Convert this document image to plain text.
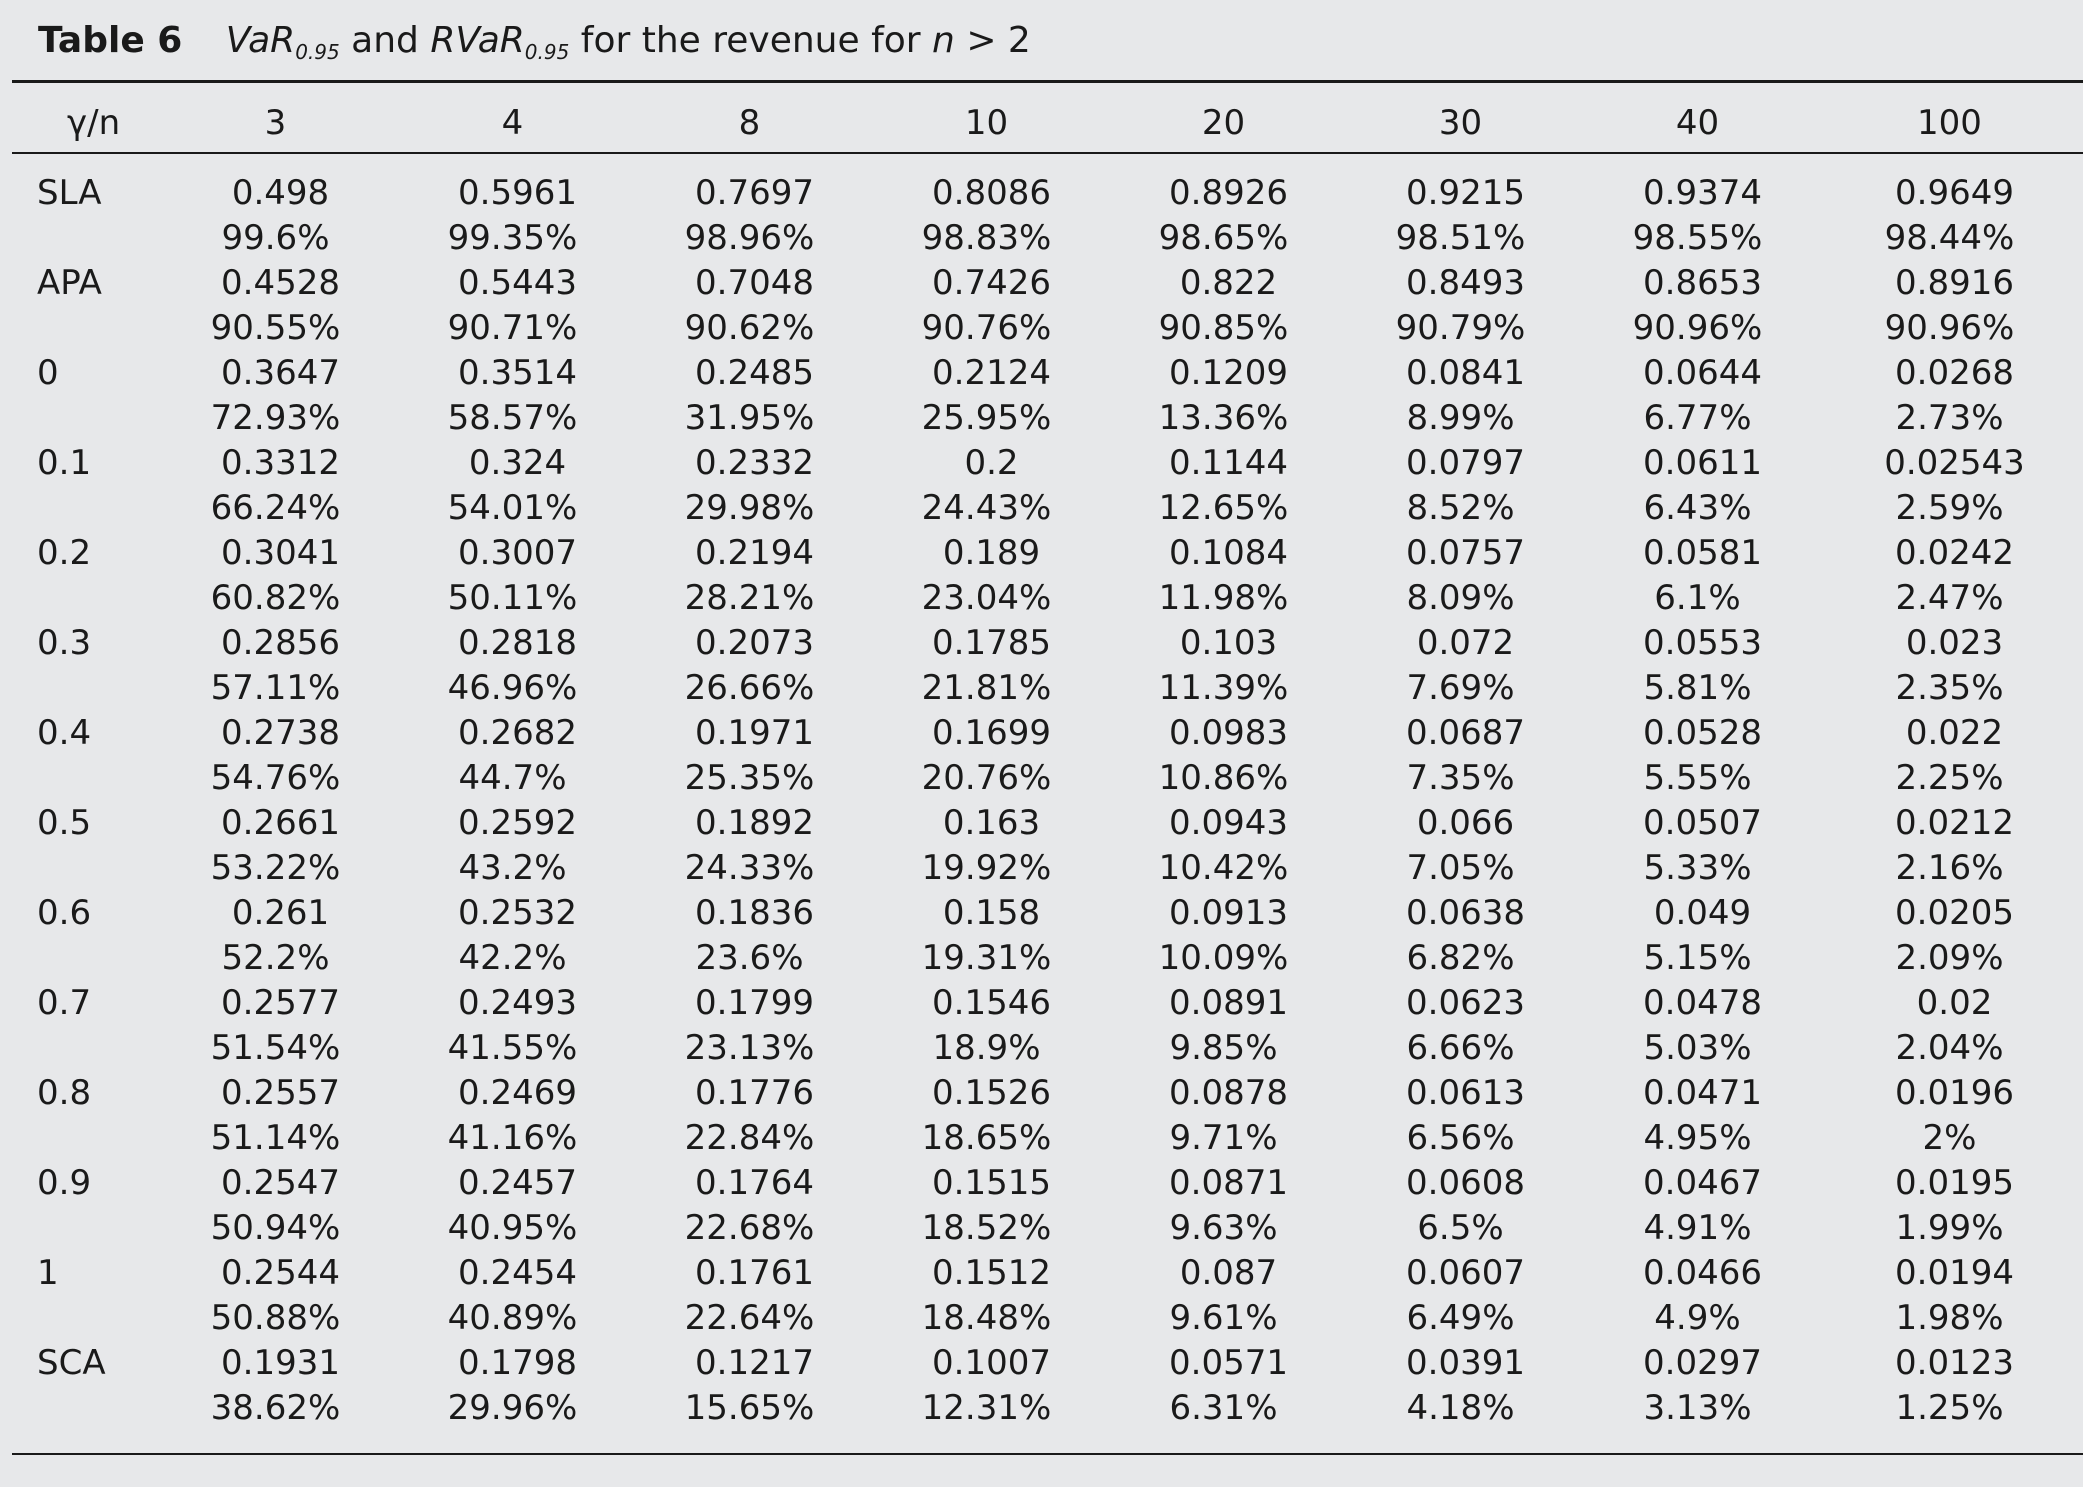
Table 6 VaR$_{0.95}$ and RVaR$_{0.95}$ for the revenue for n > 2
γ/n	3	4	8	10	20	30	40	100
SLA	0.498	0.5961	0.7697	0.8086	0.8926	0.9215	0.9374	0.9649
	99.6%	99.35%	98.96%	98.83%	98.65%	98.51%	98.55%	98.44%
APA	0.4528	0.5443	0.7048	0.7426	0.822	0.8493	0.8653	0.8916
	90.55%	90.71%	90.62%	90.76%	90.85%	90.79%	90.96%	90.96%
0	0.3647	0.3514	0.2485	0.2124	0.1209	0.0841	0.0644	0.0268
	72.93%	58.57%	31.95%	25.95%	13.36%	8.99%	6.77%	2.73%
0.1	0.3312	0.324	0.2332	0.2	0.1144	0.0797	0.0611	0.02543
	66.24%	54.01%	29.98%	24.43%	12.65%	8.52%	6.43%	2.59%
0.2	0.3041	0.3007	0.2194	0.189	0.1084	0.0757	0.0581	0.0242
	60.82%	50.11%	28.21%	23.04%	11.98%	8.09%	6.1%	2.47%
0.3	0.2856	0.2818	0.2073	0.1785	0.103	0.072	0.0553	0.023
	57.11%	46.96%	26.66%	21.81%	11.39%	7.69%	5.81%	2.35%
0.4	0.2738	0.2682	0.1971	0.1699	0.0983	0.0687	0.0528	0.022
	54.76%	44.7%	25.35%	20.76%	10.86%	7.35%	5.55%	2.25%
0.5	0.2661	0.2592	0.1892	0.163	0.0943	0.066	0.0507	0.0212
	53.22%	43.2%	24.33%	19.92%	10.42%	7.05%	5.33%	2.16%
0.6	0.261	0.2532	0.1836	0.158	0.0913	0.0638	0.049	0.0205
	52.2%	42.2%	23.6%	19.31%	10.09%	6.82%	5.15%	2.09%
0.7	0.2577	0.2493	0.1799	0.1546	0.0891	0.0623	0.0478	0.02
	51.54%	41.55%	23.13%	18.9%	9.85%	6.66%	5.03%	2.04%
0.8	0.2557	0.2469	0.1776	0.1526	0.0878	0.0613	0.0471	0.0196
	51.14%	41.16%	22.84%	18.65%	9.71%	6.56%	4.95%	2%
0.9	0.2547	0.2457	0.1764	0.1515	0.0871	0.0608	0.0467	0.0195
	50.94%	40.95%	22.68%	18.52%	9.63%	6.5%	4.91%	1.99%
1	0.2544	0.2454	0.1761	0.1512	0.087	0.0607	0.0466	0.0194
	50.88%	40.89%	22.64%	18.48%	9.61%	6.49%	4.9%	1.98%
SCA	0.1931	0.1798	0.1217	0.1007	0.0571	0.0391	0.0297	0.0123
	38.62%	29.96%	15.65%	12.31%	6.31%	4.18%	3.13%	1.25%
